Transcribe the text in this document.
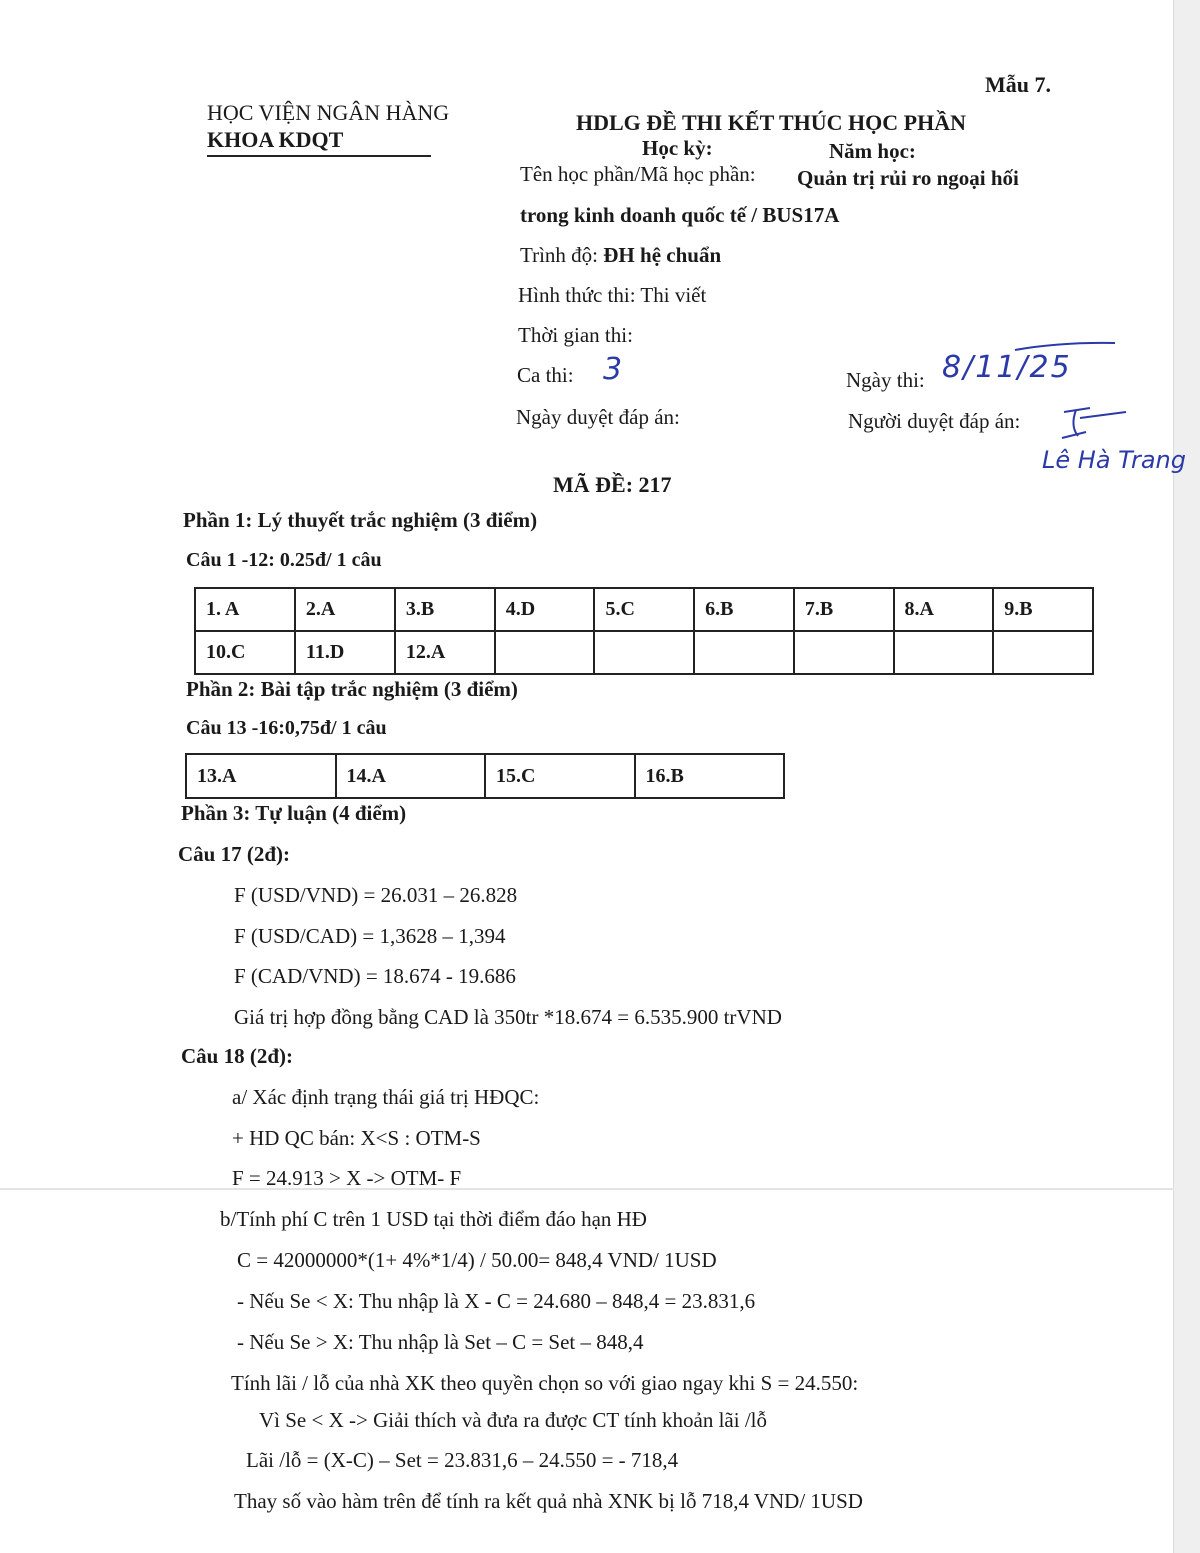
Mẫu 7.
HỌC VIỆN NGÂN HÀNG
KHOA KDQT
HDLG ĐỀ THI KẾT THÚC HỌC PHẦN
Học kỳ:	Năm học:
Tên học phần/Mã học phần: Quản trị rủi ro ngoại hối
trong kinh doanh quốc tế / BUS17A
Trình độ: ĐH hệ chuẩn
Hình thức thi: Thi viết
Thời gian thi:
Ca thi: 3	Ngày thi: 8/11/25
Ngày duyệt đáp án:	Người duyệt đáp án:
Lê Hà Trang
MÃ ĐỀ: 217
Phần 1: Lý thuyết trắc nghiệm (3 điểm)
Câu 1 -12: 0.25đ/ 1 câu
1. A	2.A	3.B	4.D	5.C	6.B	7.B	8.A	9.B
10.C	11.D	12.A						
Phần 2: Bài tập trắc nghiệm (3 điểm)
Câu 13 -16:0,75đ/ 1 câu
13.A	14.A	15.C	16.B
Phần 3: Tự luận (4 điểm)
Câu 17 (2đ):
F (USD/VND) = 26.031 – 26.828
F (USD/CAD) = 1,3628 – 1,394
F (CAD/VND) = 18.674 - 19.686
Giá trị hợp đồng bằng CAD là 350tr *18.674 = 6.535.900 trVND
Câu 18 (2đ):
a/ Xác định trạng thái giá trị HĐQC:
+ HD QC bán: X<S : OTM-S
F = 24.913 > X -> OTM- F
b/Tính phí C trên 1 USD tại thời điểm đáo hạn HĐ
C = 42000000*(1+ 4%*1/4) / 50.00= 848,4 VND/ 1USD
- Nếu Se < X: Thu nhập là X - C = 24.680 – 848,4 = 23.831,6
- Nếu Se > X: Thu nhập là Set – C = Set – 848,4
Tính lãi / lỗ của nhà XK theo quyền chọn so với giao ngay khi S = 24.550:
Vì Se < X -> Giải thích và đưa ra được CT tính khoản lãi /lỗ
Lãi /lỗ = (X-C) – Set = 23.831,6 – 24.550 = - 718,4
Thay số vào hàm trên để tính ra kết quả nhà XNK bị lỗ 718,4 VND/ 1USD
